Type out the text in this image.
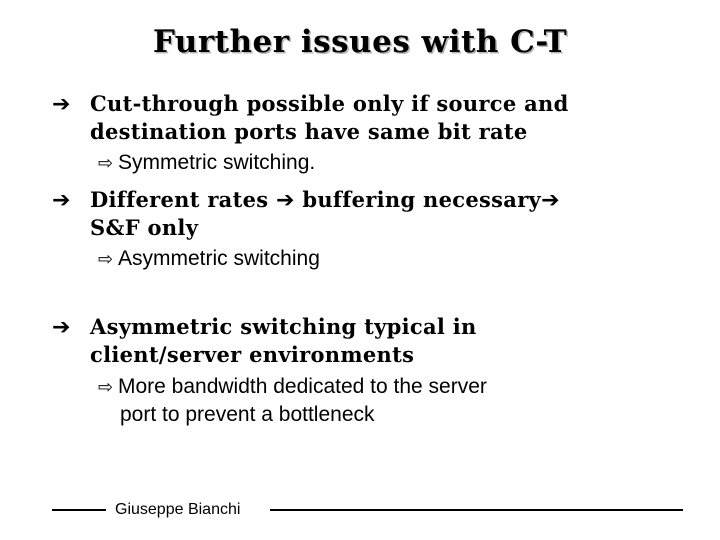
Further issues with C-T
➔ Cut-through possible only if source and
destination ports have same bit rate
⇨ Symmetric switching.
➔ Different rates ➔ buffering necessary➔
S&F only
⇨ Asymmetric switching
➔ Asymmetric switching typical in
client/server environments
⇨ More bandwidth dedicated to the server
port to prevent a bottleneck
Giuseppe Bianchi
